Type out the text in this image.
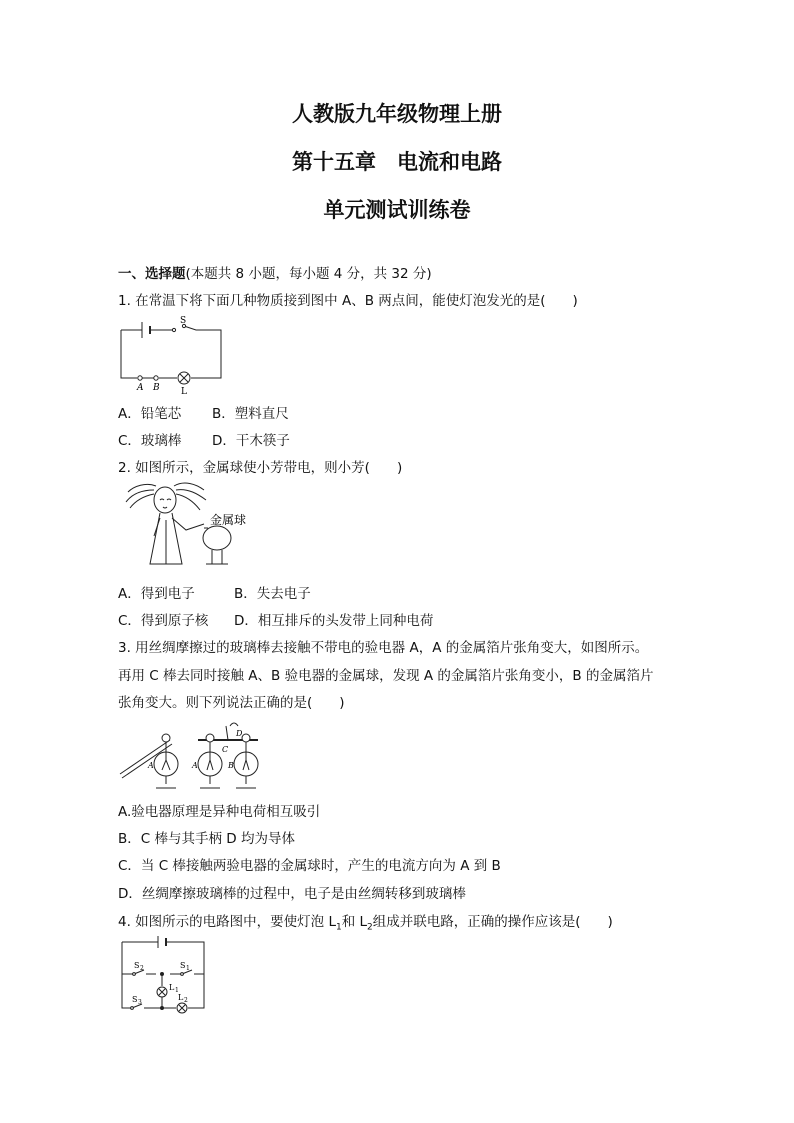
人教版九年级物理上册
第十五章　电流和电路
单元测试训练卷
一、选择题(本题共 8 小题，每小题 4 分，共 32 分)
1. 在常温下将下面几种物质接到图中 A、B 两点间，能使灯泡发光的是(　　)
S
A B L
A．铅笔芯 B．塑料直尺
C．玻璃棒 D．干木筷子
2. 如图所示，金属球使小芳带电，则小芳(　　)
金属球
A．得到电子	B．失去电子
C．得到原子核 D．相互排斥的头发带上同种电荷
3. 用丝绸摩擦过的玻璃棒去接触不带电的验电器 A，A 的金属箔片张角变大，如图所示。
再用 C 棒去同时接触 A、B 验电器的金属球，发现 A 的金属箔片张角变小，B 的金属箔片
张角变大。则下列说法正确的是(　　)
A	A	B
C
D
A.验电器原理是异种电荷相互吸引
B．C 棒与其手柄 D 均为导体
C．当 C 棒接触两验电器的金属球时，产生的电流方向为 A 到 B
D．丝绸摩擦玻璃棒的过程中，电子是由丝绸转移到玻璃棒
4. 如图所示的电路图中，要使灯泡 $L_1$和 $L_2$组成并联电路，正确的操作应该是(　　)
S 2	S 1
S 3
L 1
L 2
